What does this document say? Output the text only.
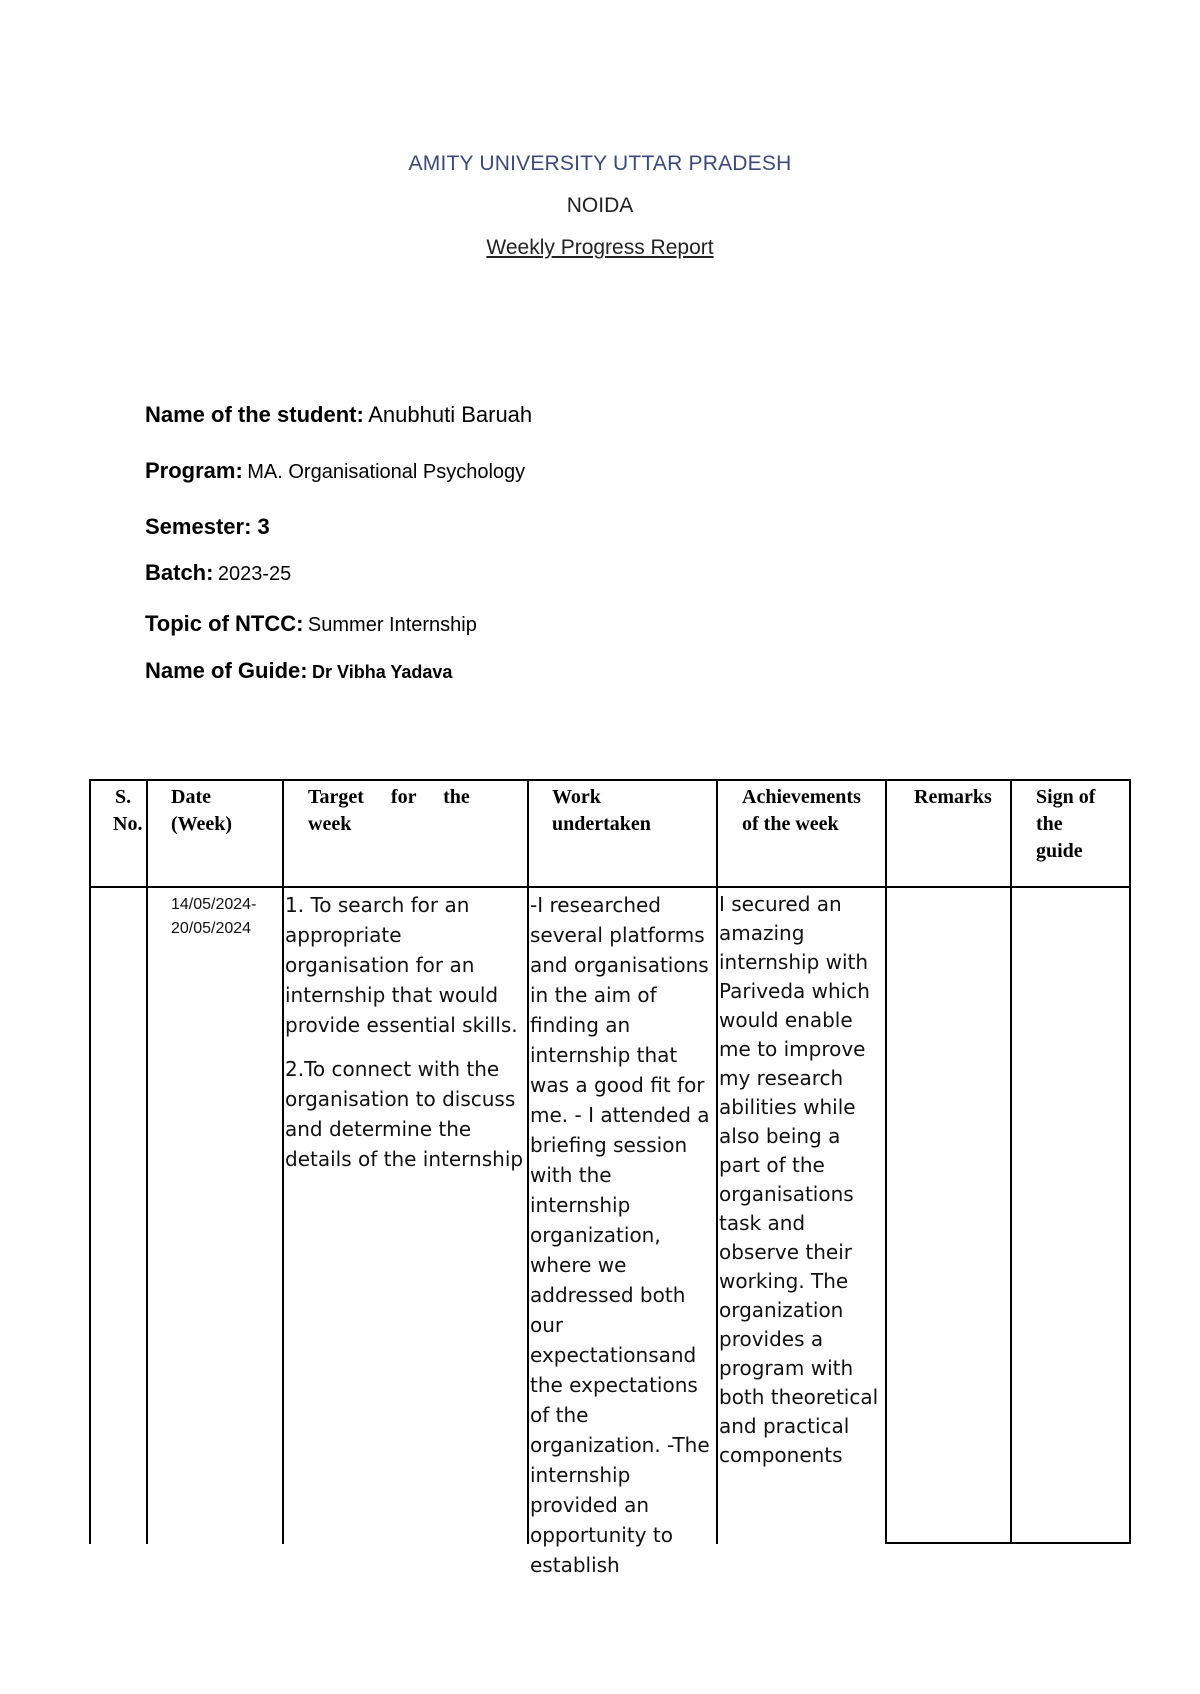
AMITY UNIVERSITY UTTAR PRADESH
NOIDA
Weekly Progress Report
Name of the student: Anubhuti Baruah
Program: MA. Organisational Psychology
Semester: 3
Batch: 2023-25
Topic of NTCC: Summer Internship
Name of Guide: Dr Vibha Yadava
S.
No.
Date
(Week)
Target for the
week
Work
undertaken
Achievements
of the week
Remarks Sign of
the
guide
14/05/2024-
20/05/2024

1. To search for an appropriate organisation for an internship that would provide essential skills.

2.To connect with the organisation to discuss and determine the details of the internship

-I researched several platforms and organisations in the aim of finding an internship that was a good fit for me. - I attended a briefing session with the internship organization, where we addressed both our expectationsand the expectations of the organization. -The internship provided an opportunity to establish

I secured an amazing internship with Pariveda which would enable me to improve my research abilities while also being a part of the organisations task and observe their working. The organization provides a program with both theoretical and practical components
